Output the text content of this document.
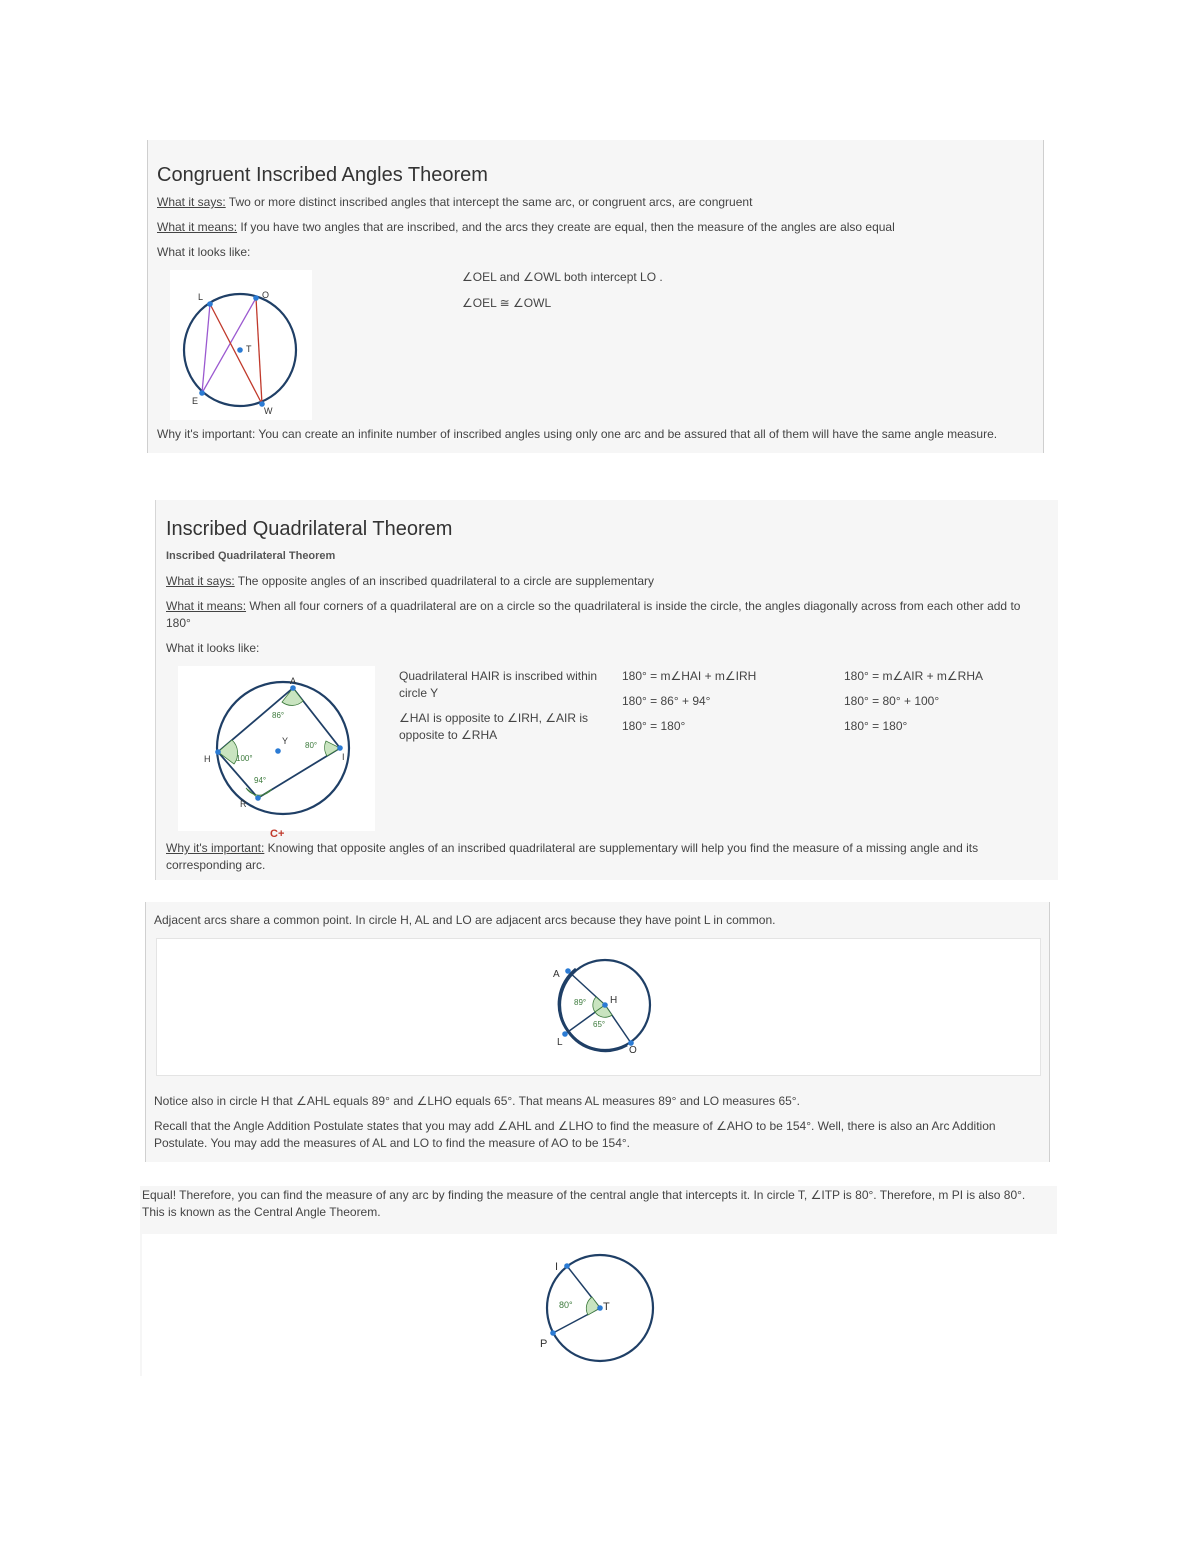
Congruent Inscribed Angles Theorem
What it says: Two or more distinct inscribed angles that intercept the same arc, or congruent arcs, are congruent
What it means: If you have two angles that are inscribed, and the arcs they create are equal, then the measure of the angles are also equal
What it looks like:
L	O
T
E
W
∠OEL and ∠OWL both intercept LO .
∠OEL ≅ ∠OWL
Why it's important: You can create an infinite number of inscribed angles using only one arc and be assured that all of them will have the same angle measure.
Inscribed Quadrilateral Theorem
Inscribed Quadrilateral Theorem
What it says: The opposite angles of an inscribed quadrilateral to a circle are supplementary
What it means: When all four corners of a quadrilateral are on a circle so the quadrilateral is inside the circle, the angles diagonally across from each other add to 180°
What it looks like:
A
I
R
H
Y
86°
80°
100°
94°
C+
Quadrilateral HAIR is inscribed within circle Y
∠HAI is opposite to ∠IRH, ∠AIR is opposite to ∠RHA
180° = m∠HAI + m∠IRH
180° = 86° + 94°
180° = 180°
180° = m∠AIR + m∠RHA
180° = 80° + 100°
180° = 180°
Why it's important: Knowing that opposite angles of an inscribed quadrilateral are supplementary will help you find the measure of a missing angle and its corresponding arc.
Adjacent arcs share a common point. In circle H, AL and LO are adjacent arcs because they have point L in common.
A
H
L
O
89°
65°
Notice also in circle H that ∠AHL equals 89° and ∠LHO equals 65°. That means AL measures 89° and LO measures 65°.
Recall that the Angle Addition Postulate states that you may add ∠AHL and ∠LHO to find the measure of ∠AHO to be 154°. Well, there is also an Arc Addition Postulate. You may add the measures of AL and LO to find the measure of AO to be 154°.
Equal! Therefore, you can find the measure of any arc by finding the measure of the central angle that intercepts it. In circle T, ∠ITP is 80°. Therefore, m PI is also 80°. This is known as the Central Angle Theorem.
I
T
P
80°
